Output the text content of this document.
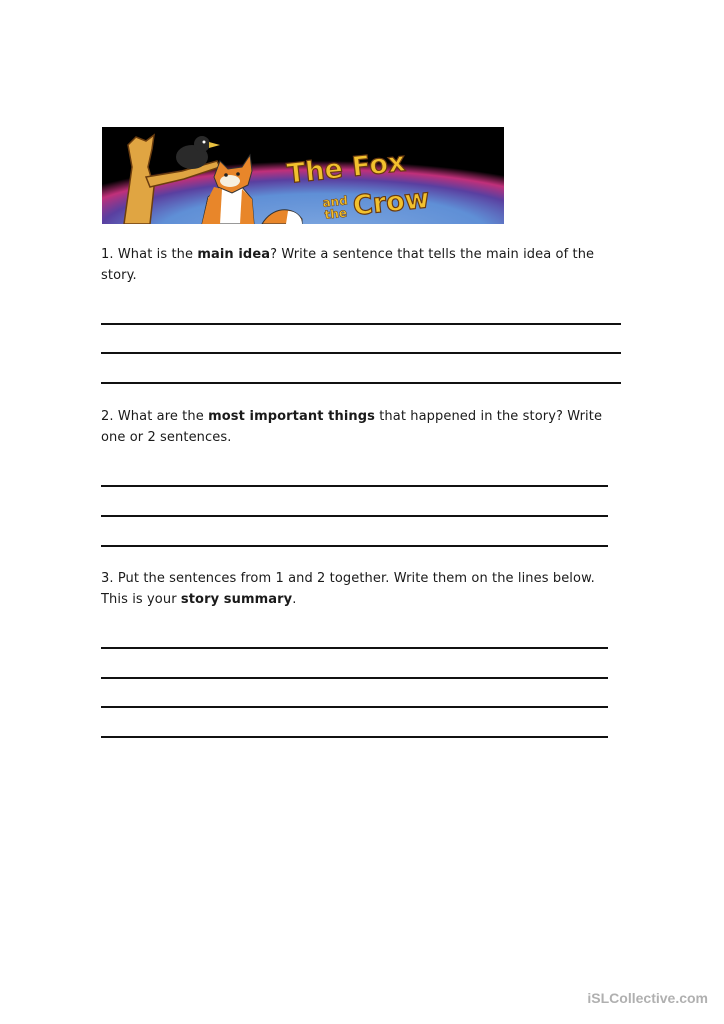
The Fox
and
the Crow
1. What is the main idea? Write a sentence that tells the main idea of the story.
2. What are the most important things that happened in the story? Write one or 2 sentences.
3. Put the sentences from 1 and 2 together. Write them on the lines below. This is your story summary.
iSLCollective.com
